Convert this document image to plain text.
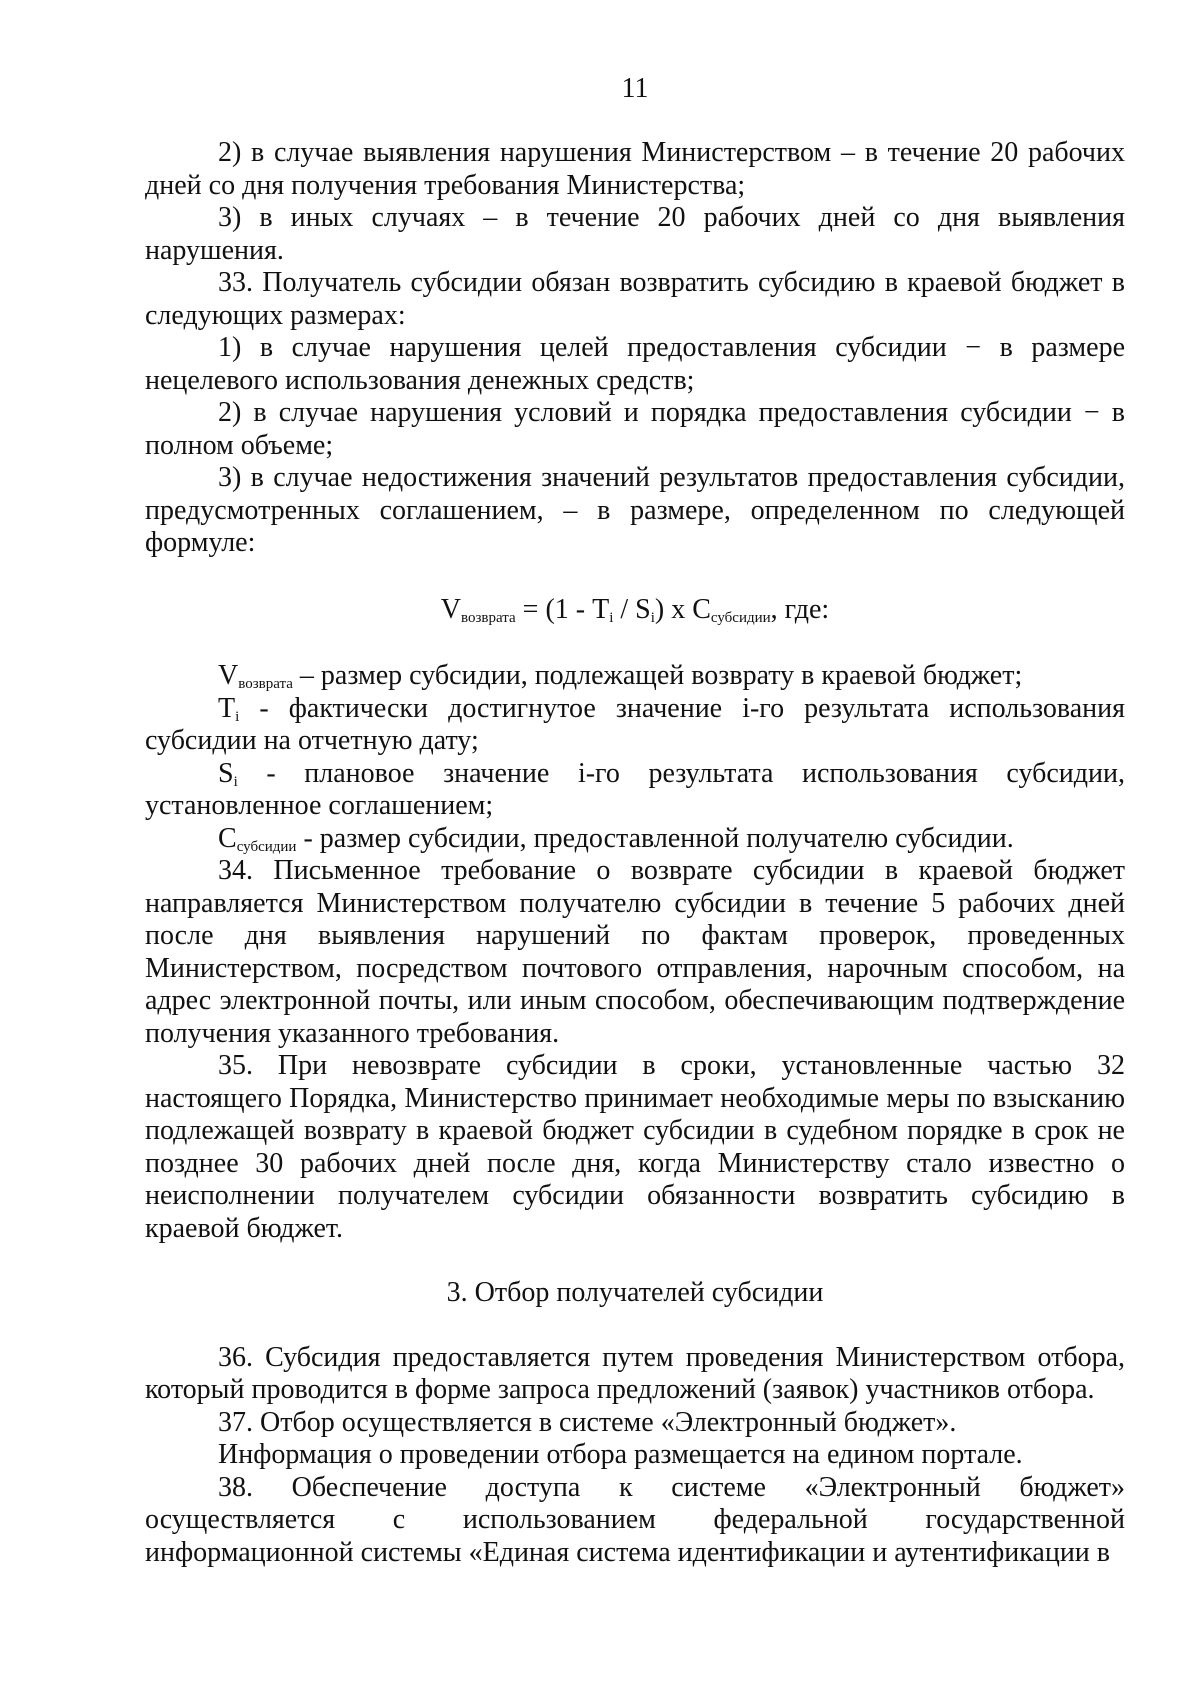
11

2) в случае выявления нарушения Министерством – в течение 20 рабочих дней со дня получения требования Министерства;

3) в иных случаях – в течение 20 рабочих дней со дня выявления нарушения.

33. Получатель субсидии обязан возвратить субсидию в краевой бюджет в следующих размерах:

1) в случае нарушения целей предоставления субсидии − в размере нецелевого использования денежных средств;

2) в случае нарушения условий и порядка предоставления субсидии − в полном объеме;

3) в случае недостижения значений результатов предоставления субсидии, предусмотренных соглашением, – в размере, определенном по следующей формуле:

$V_{возврата} = (1 - T_i / S_i)$ x $C_{субсидии}$, где:

$V_{возврата}$ – размер субсидии, подлежащей возврату в краевой бюджет;

$T_i$ - фактически достигнутое значение i-го результата использования субсидии на отчетную дату;

$S_i$ - плановое значение i-го результата использования субсидии, установленное соглашением;

$C_{субсидии}$ - размер субсидии, предоставленной получателю субсидии.

34. Письменное требование о возврате субсидии в краевой бюджет направляется Министерством получателю субсидии в течение 5 рабочих дней после дня выявления нарушений по фактам проверок, проведенных Министерством, посредством почтового отправления, нарочным способом, на адрес электронной почты, или иным способом, обеспечивающим подтверждение получения указанного требования.

35. При невозврате субсидии в сроки, установленные частью 32 настоящего Порядка, Министерство принимает необходимые меры по взысканию подлежащей возврату в краевой бюджет субсидии в судебном порядке в срок не позднее 30 рабочих дней после дня, когда Министерству стало известно о неисполнении получателем субсидии обязанности возвратить субсидию в краевой бюджет.

3. Отбор получателей субсидии

36. Субсидия предоставляется путем проведения Министерством отбора, который проводится в форме запроса предложений (заявок) участников отбора.

37. Отбор осуществляется в системе «Электронный бюджет».

Информация о проведении отбора размещается на едином портале.

38. Обеспечение доступа к системе «Электронный бюджет» осуществляется с использованием федеральной государственной информационной системы «Единая система идентификации и аутентификации в
